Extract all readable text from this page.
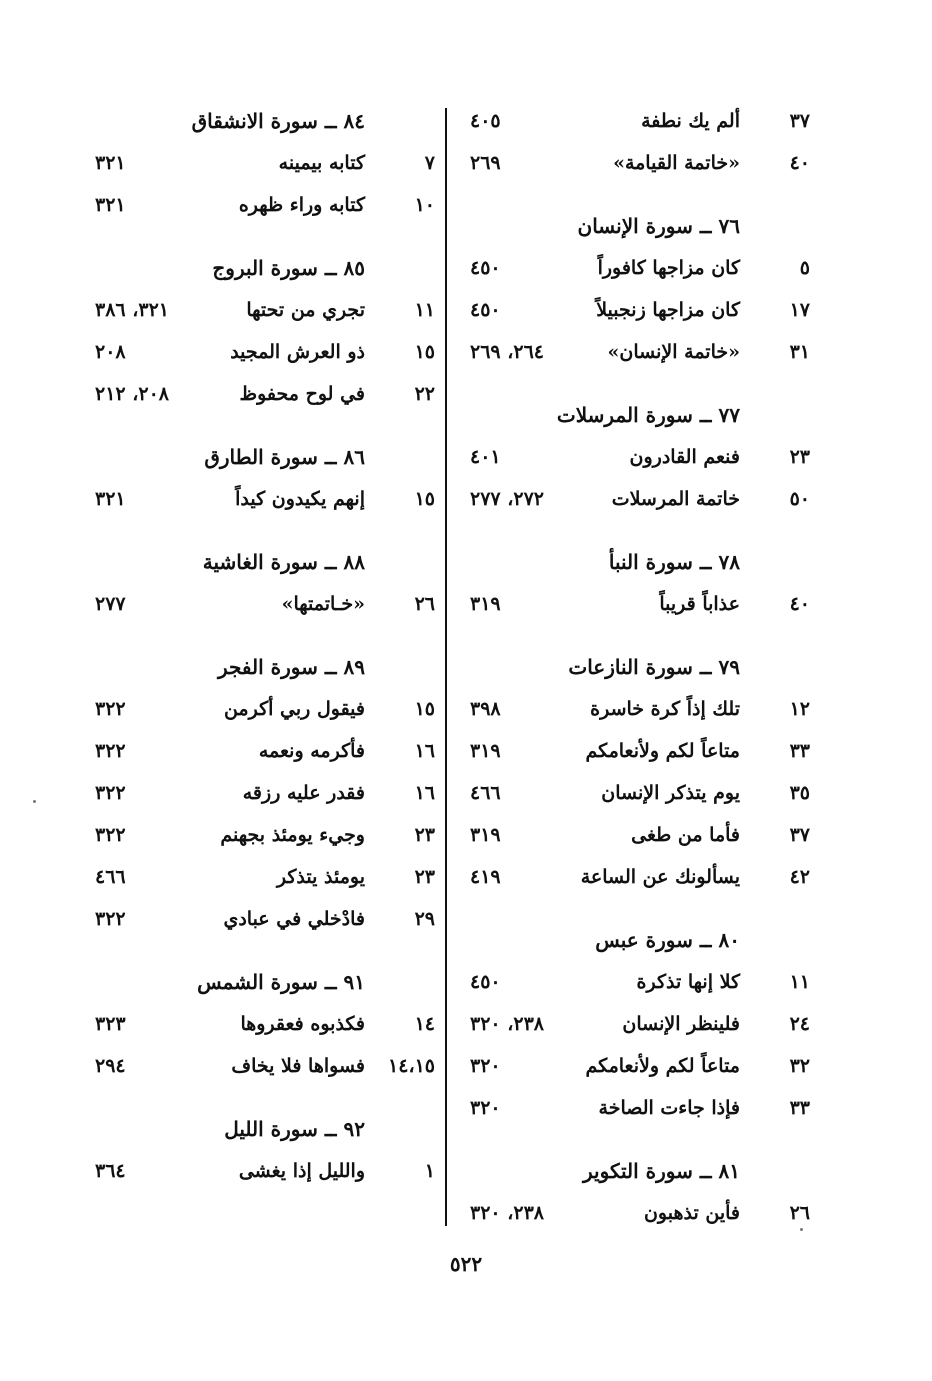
٣٧
ألم يك نطفة
٤٠٥
٤٠
«خاتمة القيامة»
٢٦٩
٧٦ ــ سورة الإنسان
٥
كان مزاجها كافوراً
٤٥٠
١٧
كان مزاجها زنجبيلاً
٤٥٠
٣١
«خاتمة الإنسان»
٢٦٤، ٢٦٩
٧٧ ــ سورة المرسلات
٢٣
فنعم القادرون
٤٠١
٥٠
خاتمة المرسلات
٢٧٢، ٢٧٧
٧٨ ــ سورة النبأ
٤٠
عذاباً قريباً
٣١٩
٧٩ ــ سورة النازعات
١٢
تلك إذاً كرة خاسرة
٣٩٨
٣٣
متاعاً لكم ولأنعامكم
٣١٩
٣٥
يوم يتذكر الإنسان
٤٦٦
٣٧
فأما من طغى
٣١٩
٤٢
يسألونك عن الساعة
٤١٩
٨٠ ــ سورة عبس
١١
كلا إنها تذكرة
٤٥٠
٢٤
فلينظر الإنسان
٢٣٨، ٣٢٠
٣٢
متاعاً لكم ولأنعامكم
٣٢٠
٣٣
فإذا جاءت الصاخة
٣٢٠
٨١ ــ سورة التكوير
٢٦
فأين تذهبون
٢٣٨، ٣٢٠
٨٤ ــ سورة الانشقاق
٧
كتابه بيمينه
٣٢١
١٠
كتابه وراء ظهره
٣٢١
٨٥ ــ سورة البروج
١١
تجري من تحتها
٣٢١، ٣٨٦
١٥
ذو العرش المجيد
٢٠٨
٢٢
في لوح محفوظ
٢٠٨، ٢١٢
٨٦ ــ سورة الطارق
١٥
إنهم يكيدون كيداً
٣٢١
٨٨ ــ سورة الغاشية
٢٦
«خـاتمتها»
٢٧٧
٨٩ ــ سورة الفجر
١٥
فيقول ربي أكرمن
٣٢٢
١٦
فأكرمه ونعمه
٣٢٢
١٦
فقدر عليه رزقه
٣٢٢
٢٣
وجيء يومئذ بجهنم
٣٢٢
٢٣
يومئذ يتذكر
٤٦٦
٢٩
فادْخلي في عبادي
٣٢٢
٩١ ــ سورة الشمس
١٤
فكذبوه فعقروها
٣٢٣
١٤،١٥
فسواها فلا يخاف
٢٩٤
٩٢ ــ سورة الليل
١
والليل إذا يغشى
٣٦٤
٥٢٢
